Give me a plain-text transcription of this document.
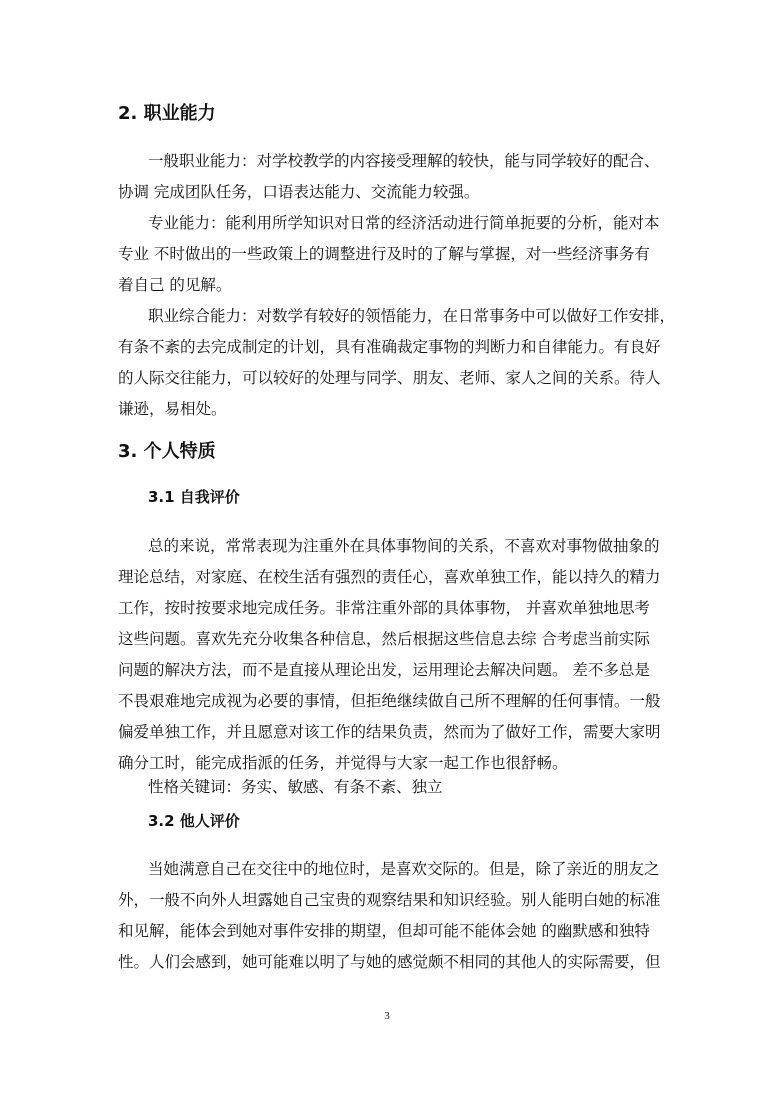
2. 职业能力
一般职业能力：对学校教学的内容接受理解的较快，能与同学较好的配合、
协调 完成团队任务，口语表达能力、交流能力较强。
专业能力：能利用所学知识对日常的经济活动进行简单扼要的分析，能对本
专业 不时做出的一些政策上的调整进行及时的了解与掌握，对一些经济事务有
着自己 的见解。
职业综合能力：对数学有较好的领悟能力，在日常事务中可以做好工作安排，
有条不紊的去完成制定的计划，具有准确裁定事物的判断力和自律能力。有良好
的人际交往能力，可以较好的处理与同学、朋友、老师、家人之间的关系。待人
谦逊，易相处。
3. 个人特质
3.1 自我评价
总的来说，常常表现为注重外在具体事物间的关系，不喜欢对事物做抽象的
理论总结，对家庭、在校生活有强烈的责任心，喜欢单独工作，能以持久的精力
工作，按时按要求地完成任务。非常注重外部的具体事物， 并喜欢单独地思考
这些问题。喜欢先充分收集各种信息，然后根据这些信息去综 合考虑当前实际
问题的解决方法，而不是直接从理论出发，运用理论去解决问题。 差不多总是
不畏艰难地完成视为必要的事情，但拒绝继续做自己所不理解的任何事情。一般
偏爱单独工作，并且愿意对该工作的结果负责，然而为了做好工作，需要大家明
确分工时，能完成指派的任务，并觉得与大家一起工作也很舒畅。
性格关键词：务实、敏感、有条不紊、独立
3.2 他人评价
当她满意自己在交往中的地位时，是喜欢交际的。但是，除了亲近的朋友之
外，一般不向外人坦露她自己宝贵的观察结果和知识经验。别人能明白她的标准
和见解，能体会到她对事件安排的期望，但却可能不能体会她 的幽默感和独特
性。人们会感到，她可能难以明了与她的感觉颇不相同的其他人的实际需要，但
3
